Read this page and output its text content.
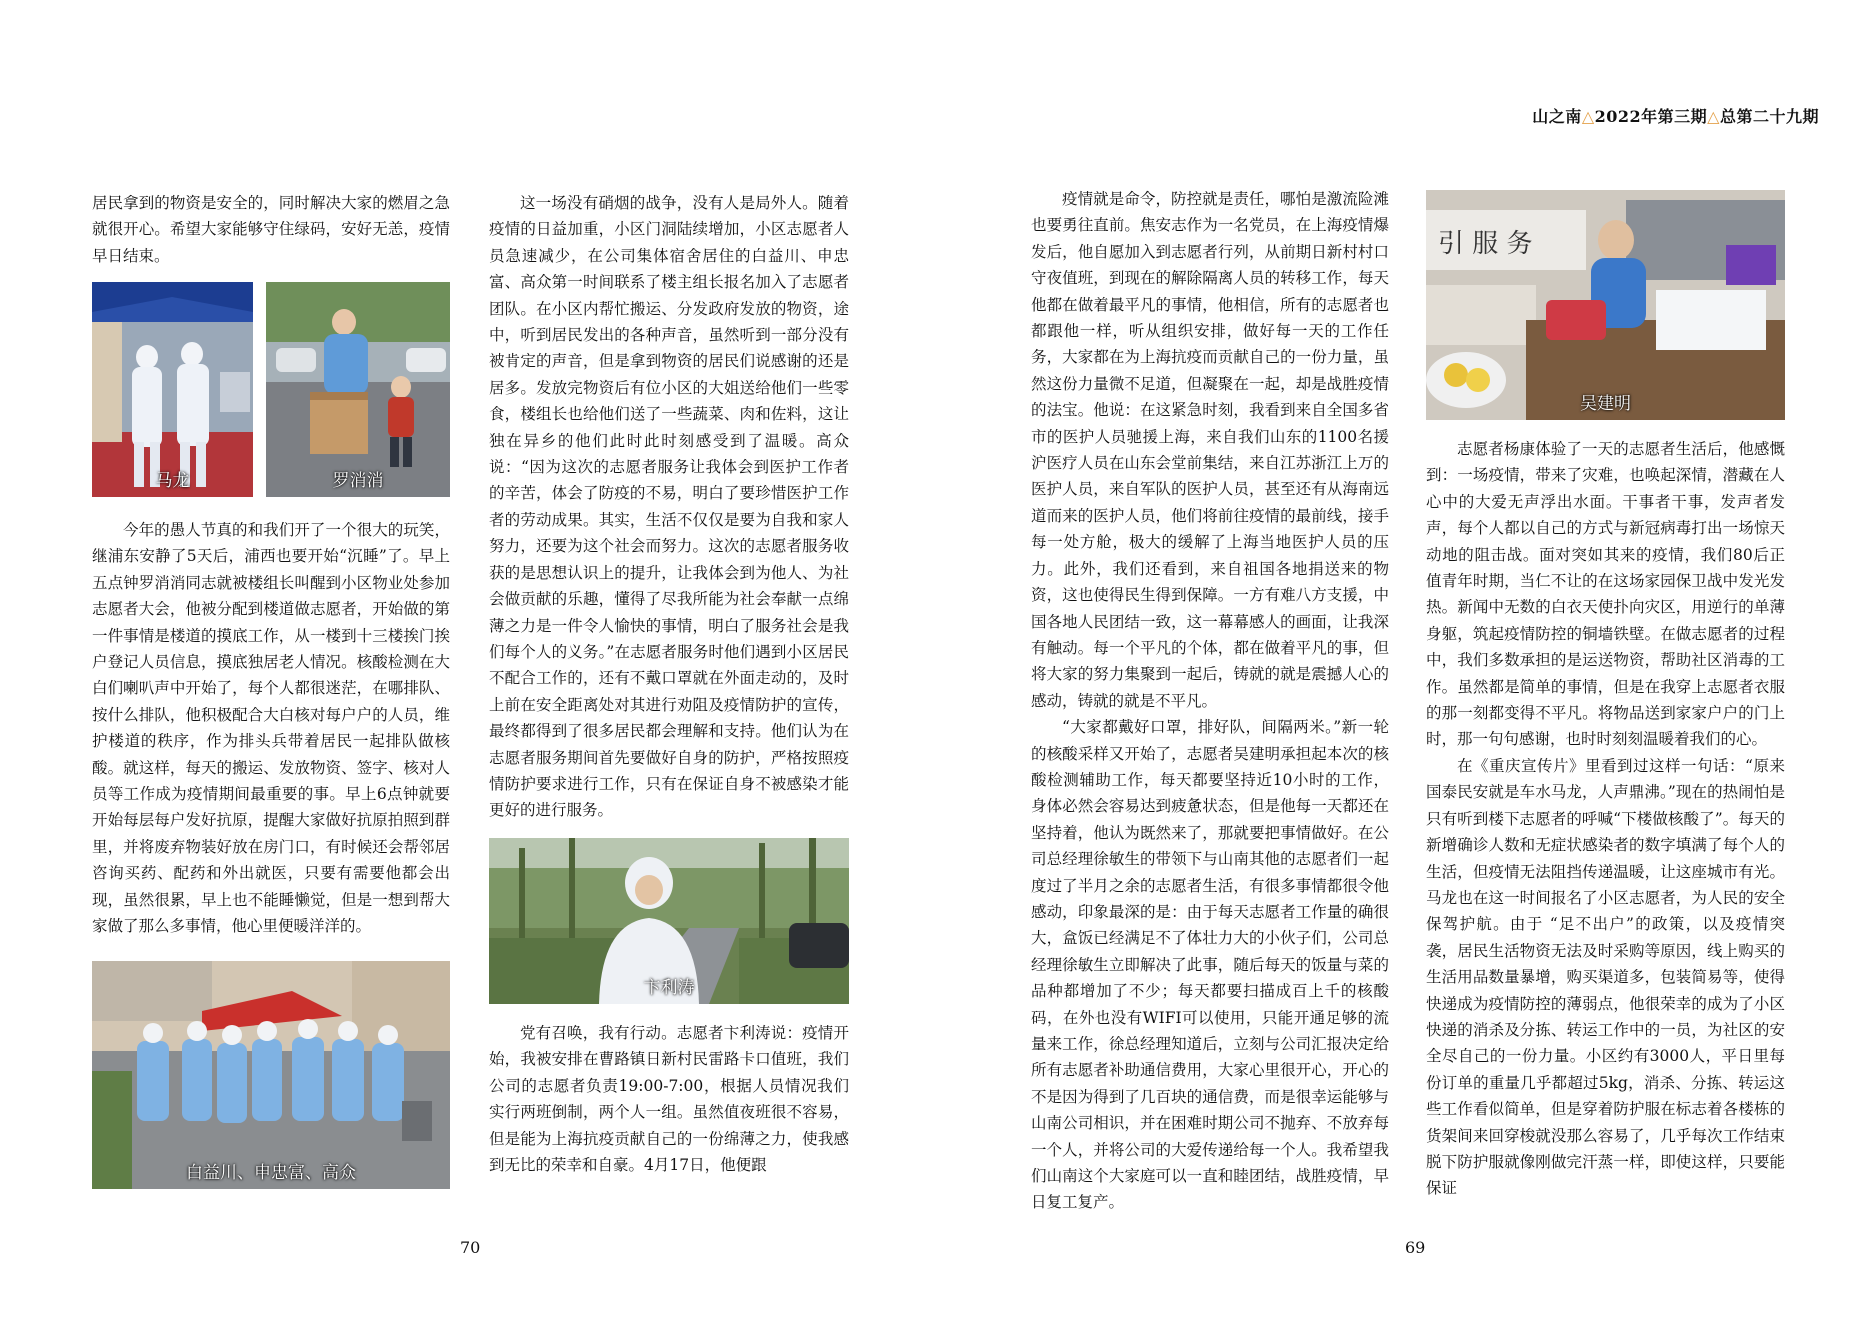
居民拿到的物资是安全的，同时解决大家的燃眉之急就很开心。希望大家能够守住绿码，安好无恙，疫情早日结束。

马龙	罗消消

今年的愚人节真的和我们开了一个很大的玩笑，继浦东安静了5天后，浦西也要开始“沉睡”了。早上五点钟罗消消同志就被楼组长叫醒到小区物业处参加志愿者大会，他被分配到楼道做志愿者，开始做的第一件事情是楼道的摸底工作，从一楼到十三楼挨门挨户登记人员信息，摸底独居老人情况。核酸检测在大白们喇叭声中开始了，每个人都很迷茫，在哪排队、按什么排队，他积极配合大白核对每户户的人员，维护楼道的秩序，作为排头兵带着居民一起排队做核酸。就这样，每天的搬运、发放物资、签字、核对人员等工作成为疫情期间最重要的事。早上6点钟就要开始每层每户发好抗原，提醒大家做好抗原拍照到群里，并将废弃物装好放在房门口，有时候还会帮邻居咨询买药、配药和外出就医，只要有需要他都会出现，虽然很累，早上也不能睡懒觉，但是一想到帮大家做了那么多事情，他心里便暖洋洋的。

白益川、申忠富、高众

这一场没有硝烟的战争，没有人是局外人。随着疫情的日益加重，小区门洞陆续增加，小区志愿者人员急速减少，在公司集体宿舍居住的白益川、申忠富、高众第一时间联系了楼主组长报名加入了志愿者团队。在小区内帮忙搬运、分发政府发放的物资，途中，听到居民发出的各种声音，虽然听到一部分没有被肯定的声音，但是拿到物资的居民们说感谢的还是居多。发放完物资后有位小区的大姐送给他们一些零食，楼组长也给他们送了一些蔬菜、肉和佐料，这让独在异乡的他们此时此时刻感受到了温暖。高众说：“因为这次的志愿者服务让我体会到医护工作者的辛苦，体会了防疫的不易，明白了要珍惜医护工作者的劳动成果。其实，生活不仅仅是要为自我和家人努力，还要为这个社会而努力。这次的志愿者服务收获的是思想认识上的提升，让我体会到为他人、为社会做贡献的乐趣，懂得了尽我所能为社会奉献一点绵薄之力是一件令人愉快的事情，明白了服务社会是我们每个人的义务。”在志愿者服务时他们遇到小区居民不配合工作的，还有不戴口罩就在外面走动的，及时上前在安全距离处对其进行劝阻及疫情防护的宣传，最终都得到了很多居民都会理解和支持。他们认为在志愿者服务期间首先要做好自身的防护，严格按照疫情防护要求进行工作，只有在保证自身不被感染才能更好的进行服务。

卞利涛

党有召唤，我有行动。志愿者卞利涛说：疫情开始，我被安排在曹路镇日新村民雷路卡口值班，我们公司的志愿者负责19:00-7:00，根据人员情况我们实行两班倒制，两个人一组。虽然值夜班很不容易，但是能为上海抗疫贡献自己的一份绵薄之力，使我感到无比的荣幸和自豪。4月17日，他便跟

70
山之南△2022年第三期△总第二十九期

疫情就是命令，防控就是责任，哪怕是激流险滩也要勇往直前。焦安志作为一名党员，在上海疫情爆发后，他自愿加入到志愿者行列，从前期日新村村口守夜值班，到现在的解除隔离人员的转移工作，每天他都在做着最平凡的事情，他相信，所有的志愿者也都跟他一样，听从组织安排，做好每一天的工作任务，大家都在为上海抗疫而贡献自己的一份力量，虽然这份力量微不足道，但凝聚在一起，却是战胜疫情的法宝。他说：在这紧急时刻，我看到来自全国多省市的医护人员驰援上海，来自我们山东的1100名援沪医疗人员在山东会堂前集结，来自江苏浙江上万的医护人员，来自军队的医护人员，甚至还有从海南远道而来的医护人员，他们将前往疫情的最前线，接手每一处方舱，极大的缓解了上海当地医护人员的压力。此外，我们还看到，来自祖国各地捐送来的物资，这也使得民生得到保障。一方有难八方支援，中国各地人民团结一致，这一幕幕感人的画面，让我深有触动。每一个平凡的个体，都在做着平凡的事，但将大家的努力集聚到一起后，铸就的就是震撼人心的感动，铸就的就是不平凡。

“大家都戴好口罩，排好队，间隔两米。”新一轮的核酸采样又开始了，志愿者吴建明承担起本次的核酸检测辅助工作，每天都要坚持近10小时的工作，身体必然会容易达到疲惫状态，但是他每一天都还在坚持着，他认为既然来了，那就要把事情做好。在公司总经理徐敏生的带领下与山南其他的志愿者们一起度过了半月之余的志愿者生活，有很多事情都很令他感动，印象最深的是：由于每天志愿者工作量的确很大，盒饭已经满足不了体壮力大的小伙子们，公司总经理徐敏生立即解决了此事，随后每天的饭量与菜的品种都增加了不少；每天都要扫描成百上千的核酸码，在外也没有WIFI可以使用，只能开通足够的流量来工作，徐总经理知道后，立刻与公司汇报决定给所有志愿者补助通信费用，大家心里很开心，开心的不是因为得到了几百块的通信费，而是很幸运能够与山南公司相识，并在困难时期公司不抛弃、不放弃每一个人，并将公司的大爱传递给每一个人。我希望我们山南这个大家庭可以一直和睦团结，战胜疫情，早日复工复产。

引 服 务
吴建明

志愿者杨康体验了一天的志愿者生活后，他感慨到：一场疫情，带来了灾难，也唤起深情，潜藏在人心中的大爱无声浮出水面。干事者干事，发声者发声，每个人都以自己的方式与新冠病毒打出一场惊天动地的阻击战。面对突如其来的疫情，我们80后正值青年时期，当仁不让的在这场家园保卫战中发光发热。新闻中无数的白衣天使扑向灾区，用逆行的单薄身躯，筑起疫情防控的铜墙铁壁。在做志愿者的过程中，我们多数承担的是运送物资，帮助社区消毒的工作。虽然都是简单的事情，但是在我穿上志愿者衣服的那一刻都变得不平凡。将物品送到家家户户的门上时，那一句句感谢，也时时刻刻温暖着我们的心。

在《重庆宣传片》里看到过这样一句话：“原来国泰民安就是车水马龙，人声鼎沸。”现在的热闹怕是只有听到楼下志愿者的呼喊“下楼做核酸了”。每天的新增确诊人数和无症状感染者的数字填满了每个人的生活，但疫情无法阻挡传递温暖，让这座城市有光。马龙也在这一时间报名了小区志愿者，为人民的安全保驾护航。由于 “足不出户”的政策，以及疫情突袭，居民生活物资无法及时采购等原因，线上购买的生活用品数量暴增，购买渠道多，包装简易等，使得快递成为疫情防控的薄弱点，他很荣幸的成为了小区快递的消杀及分拣、转运工作中的一员，为社区的安全尽自己的一份力量。小区约有3000人，平日里每份订单的重量几乎都超过5kg，消杀、分拣、转运这些工作看似简单，但是穿着防护服在标志着各楼栋的货架间来回穿梭就没那么容易了，几乎每次工作结束脱下防护服就像刚做完汗蒸一样，即使这样，只要能保证

69
